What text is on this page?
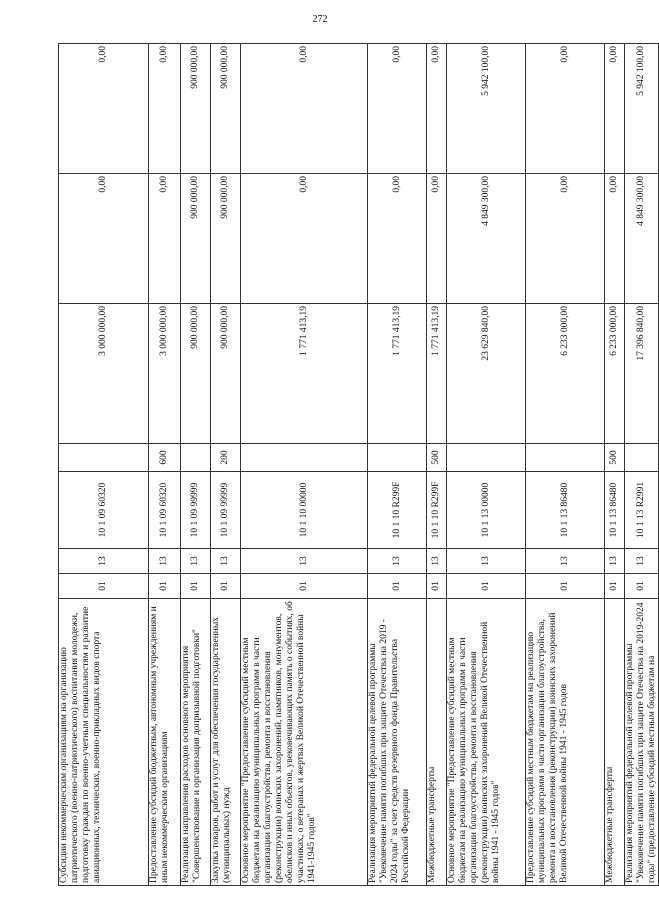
272
Субсидии некоммерческим организациям на организацию патриотического (военно-патриотического) воспитания молодежи, подготовку граждан по военно-учетным специальностям и развитие авиационных, технических, военно-прикладных видов спорта	01	13	10 1 09 60320		3 000 000,00	0,00	0,00
Предоставление субсидий бюджетным, автономным учреждениям и иным некоммерческим организациям	01	13	10 1 09 60320	600	3 000 000,00	0,00	0,00
Реализация направления расходов основного мероприятия "Совершенствование и организация допризывной подготовки"	01	13	10 1 09 99999		900 000,00	900 000,00	900 000,00
Закупка товаров, работ и услуг для обеспечения государственных (муниципальных) нужд	01	13	10 1 09 99999	200	900 000,00	900 000,00	900 000,00
Основное мероприятие "Предоставление субсидий местным бюджетам на реализацию муниципальных программ в части организации благоустройства, ремонта и восстановления (реконструкции) воинских захоронений, памятников, монументов, обелисков и иных объектов, увековечивающих память о событиях, об участниках, о ветеранах и жертвах Великой Отечественной войны 1941-1945 годов"	01	13	10 1 10 00000		1 771 413,19	0,00	0,00
Реализация мероприятий федеральной целевой программы "Увековечение памяти погибших при защите Отечества на 2019 - 2024 годы" за счет средств резервного фонда Правительства Российской Федерации	01	13	10 1 10 R299F		1 771 413,19	0,00	0,00
Межбюджетные трансферты	01	13	10 1 10 R299F	500	1 771 413,19	0,00	0,00
Основное мероприятие "Предоставление субсидий местным бюджетам на реализацию муниципальных программ в части организации благоустройства, ремонта и восстановления (реконструкции) воинских захоронений Великой Отечественной войны 1941 - 1945 годов"	01	13	10 1 13 00000		23 629 840,00	4 849 300,00	5 942 100,00
Предоставление субсидий местным бюджетам на реализацию муниципальных программ в части организации благоустройства, ремонта и восстановления (реконструкции) воинских захоронений Великой Отечественной войны 1941 - 1945 годов	01	13	10 1 13 86480		6 233 000,00	0,00	0,00
Межбюджетные трансферты	01	13	10 1 13 86480	500	6 233 000,00	0,00	0,00
Реализация мероприятий федеральной целевой программы "Увековечение памяти погибших при защите Отечества на 2019-2024 годы" (предоставление субсидий местным бюджетам на	01	13	10 1 13 R2991		17 396 840,00	4 849 300,00	5 942 100,00
